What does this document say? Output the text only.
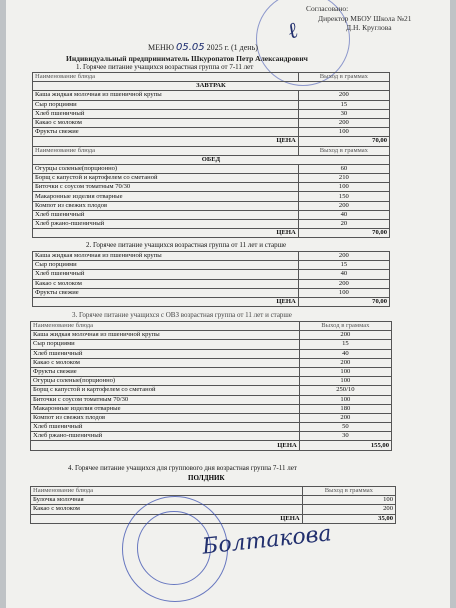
ℓ
Согласовано:
Директор МБОУ Школа №21
Д.Н. Круглова
МЕНЮ 05.05 2025 г. (1 день)
Индивидуальный предприниматель Шкуропатов Петр Александрович
1. Горячее питание учащихся возрастная группа от 7-11 лет
Наименование блюда	Выход в граммах
ЗАВТРАК	
Каша жидкая молочная из пшеничной крупы	200
Сыр порциями	15
Хлеб пшеничный	30
Какао с молоком	200
Фрукты свежие	100
ЦЕНА	70,00
Наименование блюда	Выход в граммах
ОБЕД	
Огурцы соленые(порционно)	60
Борщ с капустой и картофелем со сметаной	210
Биточки с соусом томатным 70/30	100
Макаронные изделия отварные	150
Компот из свежих плодов	200
Хлеб пшеничный	40
Хлеб ржано-пшеничный	20
ЦЕНА	70,00
2. Горячее питание учащихся возрастная группа от 11 лет и старше
Каша жидкая молочная из пшеничной крупы	200
Сыр порциями	15
Хлеб пшеничный	40
Какао с молоком	200
Фрукты свежие	100
ЦЕНА	70,00
3. Горячее питание учащихся с ОВЗ возрастная группа от 11 лет и старше
Наименование блюда	Выход в граммах
Каша жидкая молочная из пшеничной крупы	200
Сыр порциями	15
Хлеб пшеничный	40
Какао с молоком	200
Фрукты свежие	100
Огурцы соленые(порционно)	100
Борщ с капустой и картофелем со сметаной	250/10
Биточки с соусом томатным 70/30	100
Макаронные изделия отварные	180
Компот из свежих плодов	200
Хлеб пшеничный	50
Хлеб ржано-пшеничный	30
ЦЕНА	155,00
4. Горячее питание учащихся для группового дня возрастная группа 7-11 лет
ПОЛДНИК
Наименование блюда	Выход в граммах
Булочка молочная	100
Какао с молоком	200
ЦЕНА	35,00
Болтакова
